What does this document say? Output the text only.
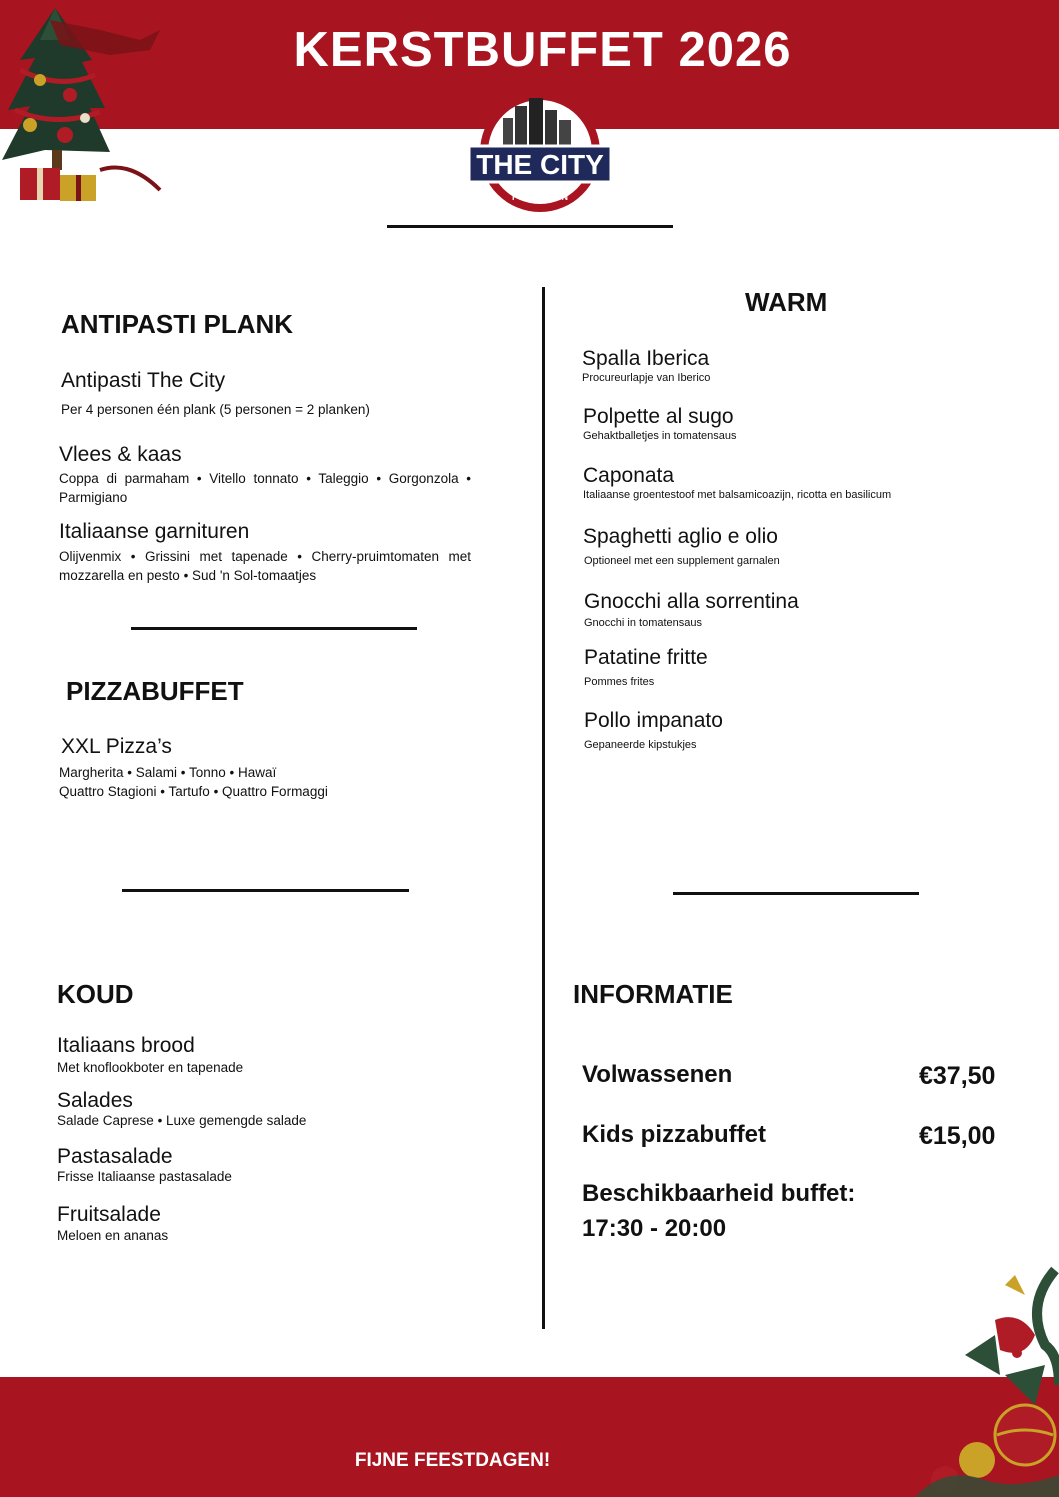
KERSTBUFFET 2026
THE CITY
FOOD & FUN
ANTIPASTI PLANK
Antipasti The City
Per 4 personen één plank (5 personen = 2 planken)
Vlees & kaas
Coppa di parmaham • Vitello tonnato • Taleggio • Gorgonzola • Parmigiano
Italiaanse garnituren
Olijvenmix • Grissini met tapenade • Cherry-pruimtomaten met mozzarella en pesto • Sud 'n Sol-tomaatjes
PIZZABUFFET
XXL Pizza’s
Margherita • Salami • Tonno • Hawaï
Quattro Stagioni • Tartufo • Quattro Formaggi
KOUD
Italiaans brood
Met knoflookboter en tapenade
Salades
Salade Caprese • Luxe gemengde salade
Pastasalade
Frisse Italiaanse pastasalade
Fruitsalade
Meloen en ananas
WARM
Spalla Iberica
Procureurlapje van Iberico
Polpette al sugo
Gehaktballetjes in tomatensaus
Caponata
Italiaanse groentestoof met balsamicoazijn, ricotta en basilicum
Spaghetti aglio e olio
Optioneel met een supplement garnalen
Gnocchi alla sorrentina
Gnocchi in tomatensaus
Patatine fritte
Pommes frites
Pollo impanato
Gepaneerde kipstukjes
INFORMATIE
Volwassenen	€37,50
Kids pizzabuffet	€15,00
Beschikbaarheid buffet:
17:30 - 20:00
FIJNE FEESTDAGEN!
